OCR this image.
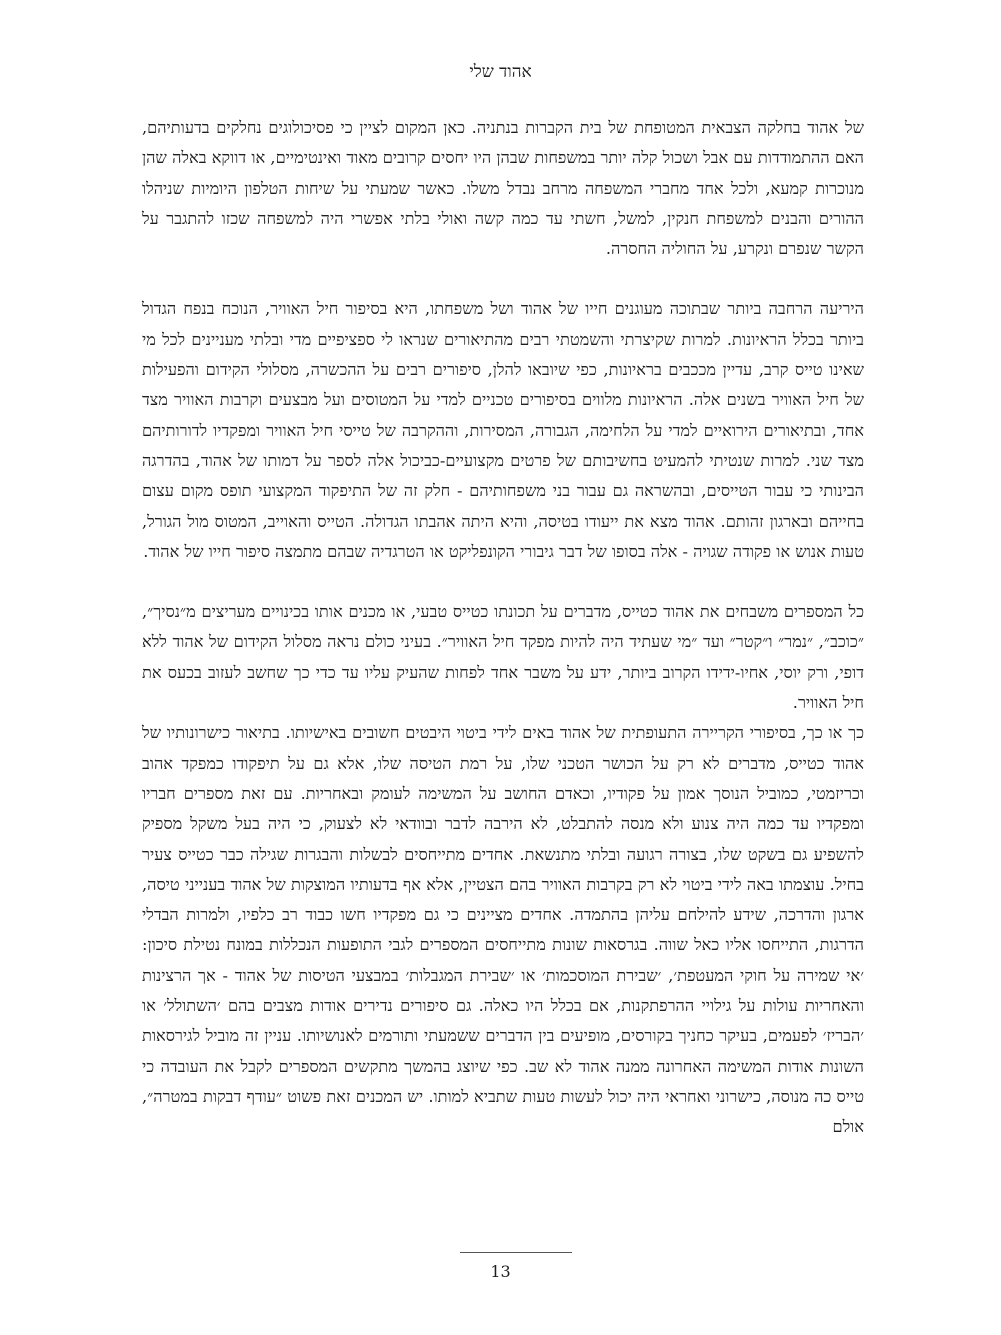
אהוד שלי

של אהוד בחלקה הצבאית המטופחת של בית הקברות בנתניה. כאן המקום לציין כי פסיכולוגים נחלקים בדעותיהם, האם ההתמודדות עם אבל ושכול קלה יותר במשפחות שבהן היו יחסים קרובים מאוד ואינטימיים, או דווקא באלה שהן מנוכרות קמעא, ולכל אחד מחברי המשפחה מרחב נבדל משלו. כאשר שמעתי על שיחות הטלפון היומיות שניהלו ההורים והבנים למשפחת חנקין, למשל, חשתי עד כמה קשה ואולי בלתי אפשרי היה למשפחה שכזו להתגבר על הקשר שנפרם ונקרע, על החוליה החסרה.

היריעה הרחבה ביותר שבתוכה מעוגנים חייו של אהוד ושל משפחתו, היא בסיפור חיל האוויר, הנוכח בנפח הגדול ביותר בכלל הראיונות. למרות שקיצרתי והשמטתי רבים מהתיאורים שנראו לי ספציפיים מדי ובלתי מעניינים לכל מי שאינו טייס קרב, עדיין מככבים בראיונות, כפי שיובאו להלן, סיפורים רבים על ההכשרה, מסלולי הקידום והפעילות של חיל האוויר בשנים אלה. הראיונות מלווים בסיפורים טכניים למדי על המטוסים ועל מבצעים וקרבות האוויר מצד אחד, ובתיאורים הירואיים למדי על הלחימה, הגבורה, המסירות, וההקרבה של טייסי חיל האוויר ומפקדיו לדורותיהם מצד שני. למרות שנטיתי להמעיט בחשיבותם של פרטים מקצועיים-כביכול אלה לספר על דמותו של אהוד, בהדרגה הבינותי כי עבור הטייסים, ובהשראה גם עבור בני משפחותיהם - חלק זה של התיפקוד המקצועי תופס מקום עצום בחייהם ובארגון זהותם. אהוד מצא את ייעודו בטיסה, והיא היתה אהבתו הגדולה. הטייס והאוייב, המטוס מול הגורל, טעות אנוש או פקודה שגויה - אלה בסופו של דבר גיבורי הקונפליקט או הטרגדיה שבהם מתמצה סיפור חייו של אהוד.

כל המספרים משבחים את אהוד כטייס, מדברים על תכונתו כטייס טבעי, או מכנים אותו בכינויים מעריצים מ״נסיך״, ״כוכב״, ״נמר״ ו״קטר״ ועד ״מי שעתיד היה להיות מפקד חיל האוויר״. בעיני כולם נראה מסלול הקידום של אהוד ללא דופי, ורק יוסי, אחיו-ידידו הקרוב ביותר, ידע על משבר אחד לפחות שהעיק עליו עד כדי כך שחשב לעזוב בכעס את חיל האוויר.

כך או כך, בסיפורי הקריירה התעופתית של אהוד באים לידי ביטוי היבטים חשובים באישיותו. בתיאור כישרונותיו של אהוד כטייס, מדברים לא רק על הכושר הטכני שלו, על רמת הטיסה שלו, אלא גם על תיפקודו כמפקד אהוב וכריזמטי, כמוביל הנוסך אמון על פקודיו, וכאדם החושב על המשימה לעומק ובאחריות. עם זאת מספרים חבריו ומפקדיו עד כמה היה צנוע ולא מנסה להתבלט, לא הירבה לדבר ובוודאי לא לצעוק, כי היה בעל משקל מספיק להשפיע גם בשקט שלו, בצורה רגועה ובלתי מתנשאת. אחדים מתייחסים לבשלות והבגרות שגילה כבר כטייס צעיר בחיל. עוצמתו באה לידי ביטוי לא רק בקרבות האוויר בהם הצטיין, אלא אף בדעותיו המוצקות של אהוד בענייני טיסה, ארגון והדרכה, שידע להילחם עליהן בהתמדה. אחדים מציינים כי גם מפקדיו חשו כבוד רב כלפיו, ולמרות הבדלי הדרגות, התייחסו אליו כאל שווה. בגרסאות שונות מתייחסים המספרים לגבי התופעות הנכללות במונח נטילת סיכון: ׳אי שמירה על חוקי המעטפת׳, ׳שבירת המוסכמות׳ או ׳שבירת המגבלות׳ במבצעי הטיסות של אהוד - אך הרצינות והאחריות עולות על גילויי ההרפתקנות, אם בכלל היו כאלה. גם סיפורים נדירים אודות מצבים בהם ׳השתולל׳ או ׳הבריז׳ לפעמים, בעיקר כחניך בקורסים, מופיעים בין הדברים ששמעתי ותורמים לאנושיותו. עניין זה מוביל לגירסאות השונות אודות המשימה האחרונה ממנה אהוד לא שב. כפי שיוצג בהמשך מתקשים המספרים לקבל את העובדה כי טייס כה מנוסה, כישרוני ואחראי היה יכול לעשות טעות שתביא למותו. יש המכנים זאת פשוט ״עודף דבקות במטרה״, אולם

13
